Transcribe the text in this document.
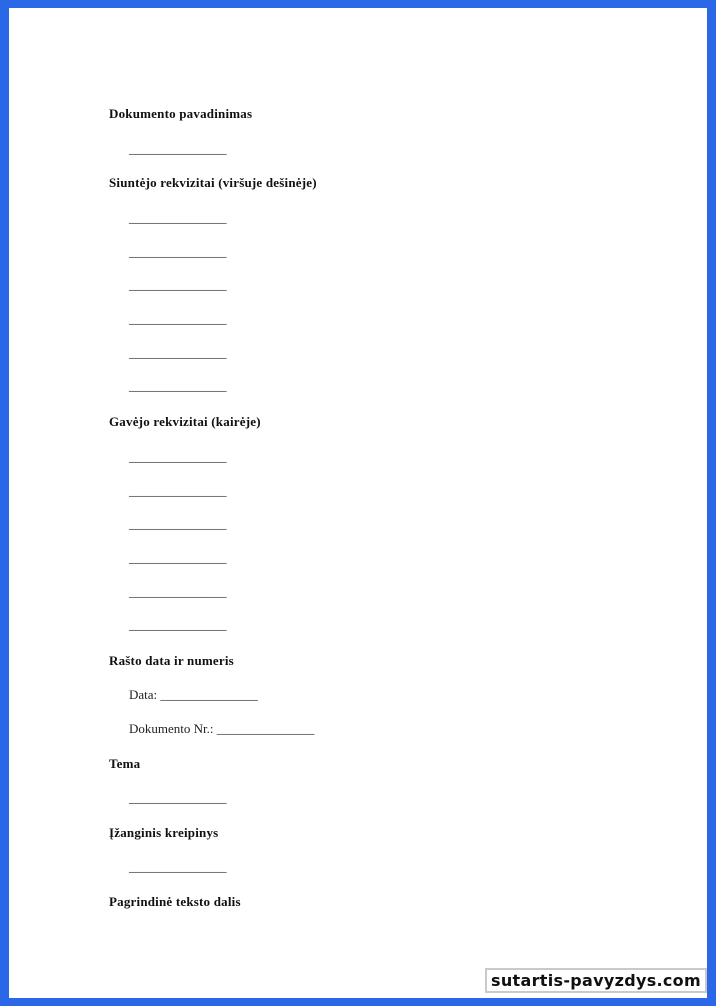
Dokumento pavadinimas

_______________

Siuntėjo rekvizitai (viršuje dešinėje)

_______________

_______________

_______________

_______________

_______________

_______________

Gavėjo rekvizitai (kairėje)

_______________

_______________

_______________

_______________

_______________

_______________

Rašto data ir numeris

Data: _______________

Dokumento Nr.: _______________

Tema

_______________

Įžanginis kreipinys

_______________

Pagrindinė teksto dalis

sutartis-pavyzdys.com
